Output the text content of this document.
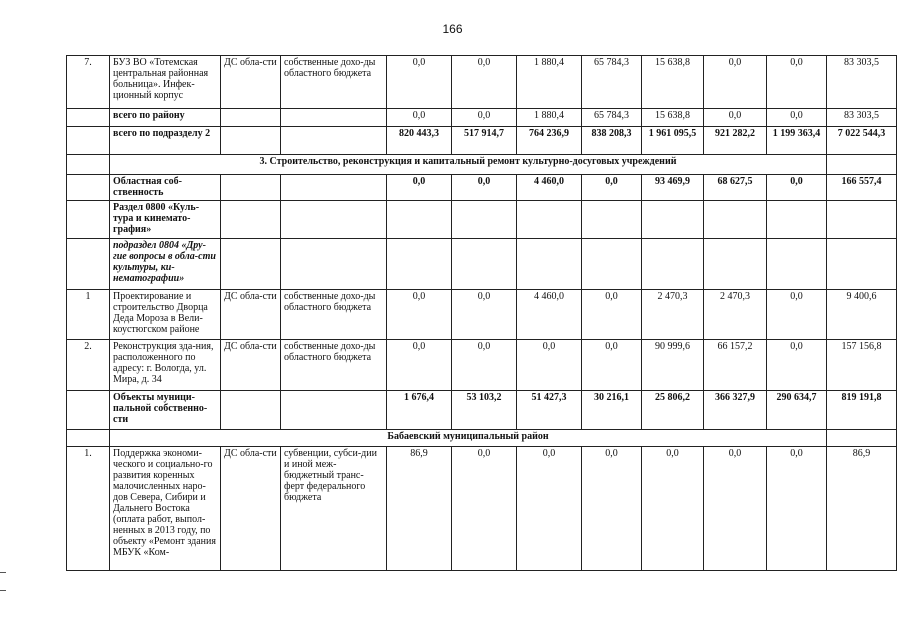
166
7.	БУЗ ВО «Тотемская центральная районная больница». Инфек-ционный корпус	ДС обла-сти	собственные дохо-ды областного бюджета	0,0	0,0	1 880,4	65 784,3	15 638,8	0,0	0,0	83 303,5
	всего по району			0,0	0,0	1 880,4	65 784,3	15 638,8	0,0	0,0	83 303,5
	всего по подразделу 2			820 443,3	517 914,7	764 236,9	838 208,3	1 961 095,5	921 282,2	1 199 363,4	7 022 544,3
	3. Строительство, реконструкция и капитальный ремонт культурно-досуговых учреждений										
	Областная соб-ственность			0,0	0,0	4 460,0	0,0	93 469,9	68 627,5	0,0	166 557,4
	Раздел 0800 «Куль-тура и кинемато-графия»										
	подраздел 0804 «Дру-гие вопросы в обла-сти культуры, ки-нематографии»										
1	Проектирование и строительство Дворца Деда Мороза в Вели-коустюгском районе	ДС обла-сти	собственные дохо-ды областного бюджета	0,0	0,0	4 460,0	0,0	2 470,3	2 470,3	0,0	9 400,6
2.	Реконструкция зда-ния, расположенного по адресу: г. Вологда, ул. Мира, д. 34	ДС обла-сти	собственные дохо-ды областного бюджета	0,0	0,0	0,0	0,0	90 999,6	66 157,2	0,0	157 156,8
	Объекты муници-пальной собственно-сти			1 676,4	53 103,2	51 427,3	30 216,1	25 806,2	366 327,9	290 634,7	819 191,8
	Бабаевский муниципальный район										
1.	Поддержка экономи-ческого и социально-го развития коренных малочисленных наро-дов Севера, Сибири и Дальнего Востока (оплата работ, выпол-ненных в 2013 году, по объекту «Ремонт здания МБУК «Ком-	ДС обла-сти	субвенции, субси-дии и иной меж-бюджетный транс-ферт федерального бюджета	86,9	0,0	0,0	0,0	0,0	0,0	0,0	86,9
